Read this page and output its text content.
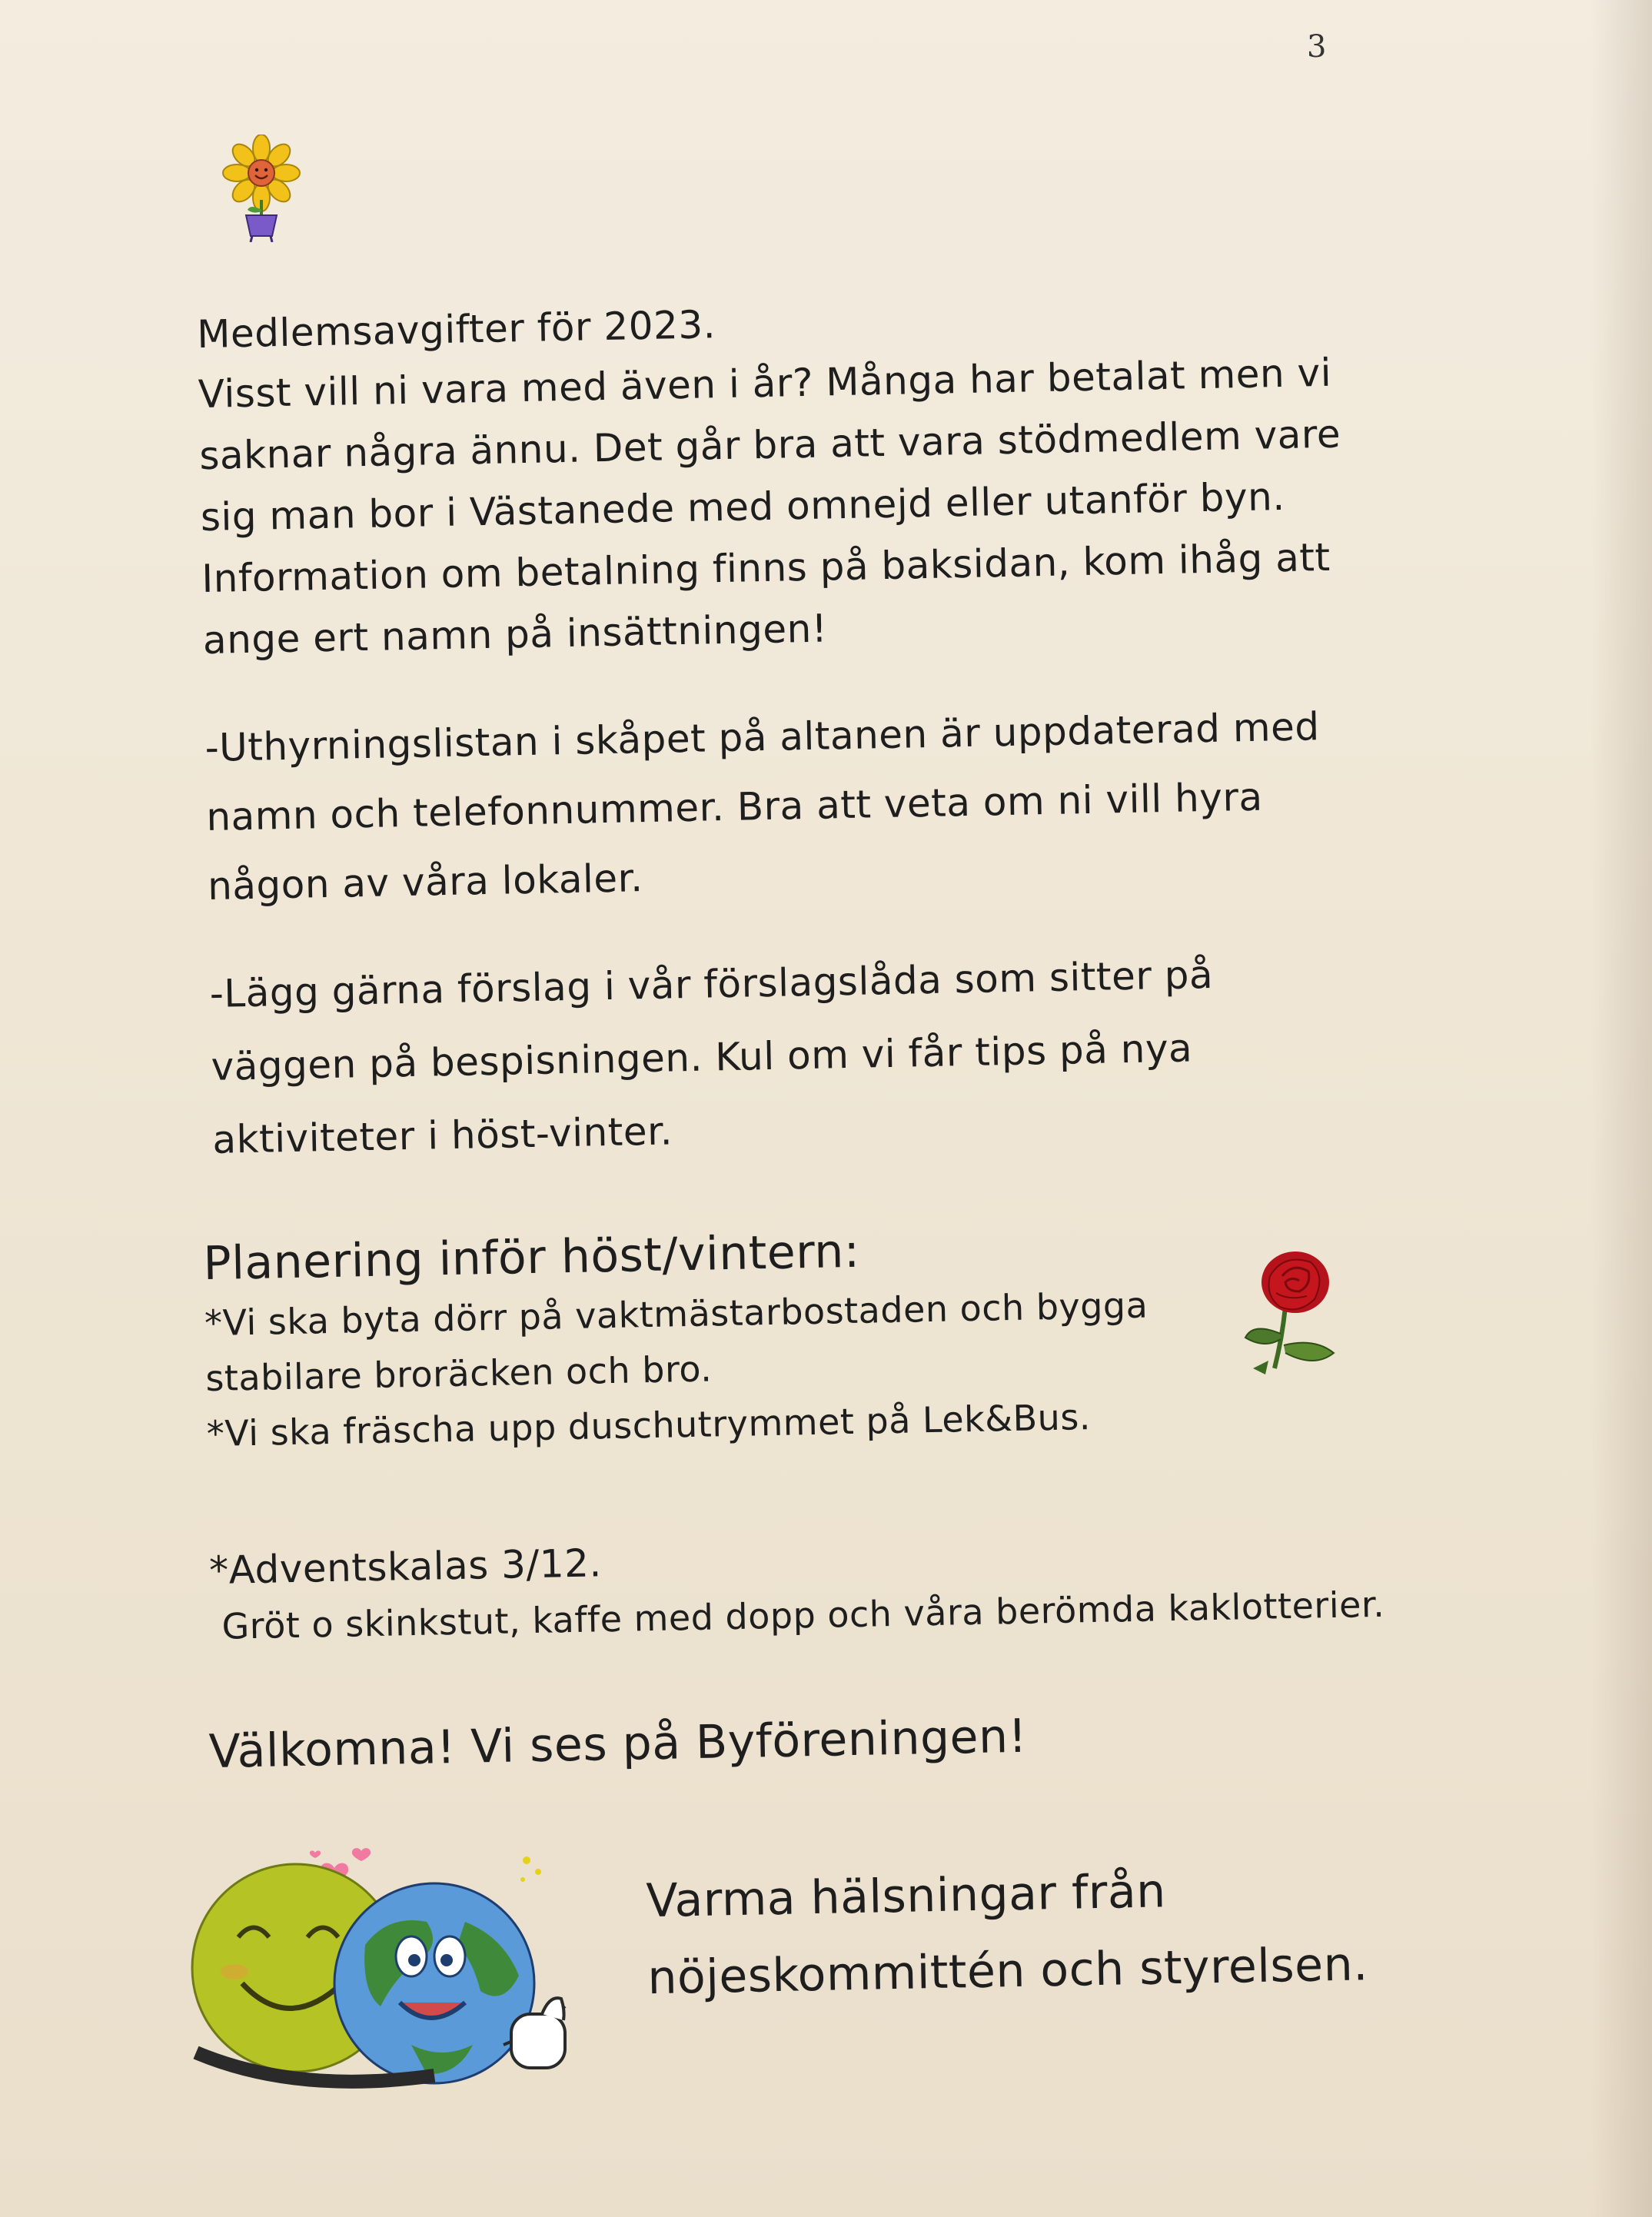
3
Medlemsavgifter för 2023.
Visst vill ni vara med även i år? Många har betalat men vi
saknar några ännu. Det går bra att vara stödmedlem vare
sig man bor i Västanede med omnejd eller utanför byn.
Information om betalning finns på baksidan, kom ihåg att
ange ert namn på insättningen!
-Uthyrningslistan i skåpet på altanen är uppdaterad med
namn och telefonnummer. Bra att veta om ni vill hyra
någon av våra lokaler.
-Lägg gärna förslag i vår förslagslåda som sitter på
väggen på bespisningen. Kul om vi får tips på nya
aktiviteter i höst-vinter.
Planering inför höst/vintern:
*Vi ska byta dörr på vaktmästarbostaden och bygga
stabilare broräcken och bro.
*Vi ska fräscha upp duschutrymmet på Lek&Bus.
*Adventskalas 3/12.
Gröt o skinkstut, kaffe med dopp och våra berömda kaklotterier.
Välkomna! Vi ses på Byföreningen!
Varma hälsningar från
nöjeskommittén och styrelsen.
